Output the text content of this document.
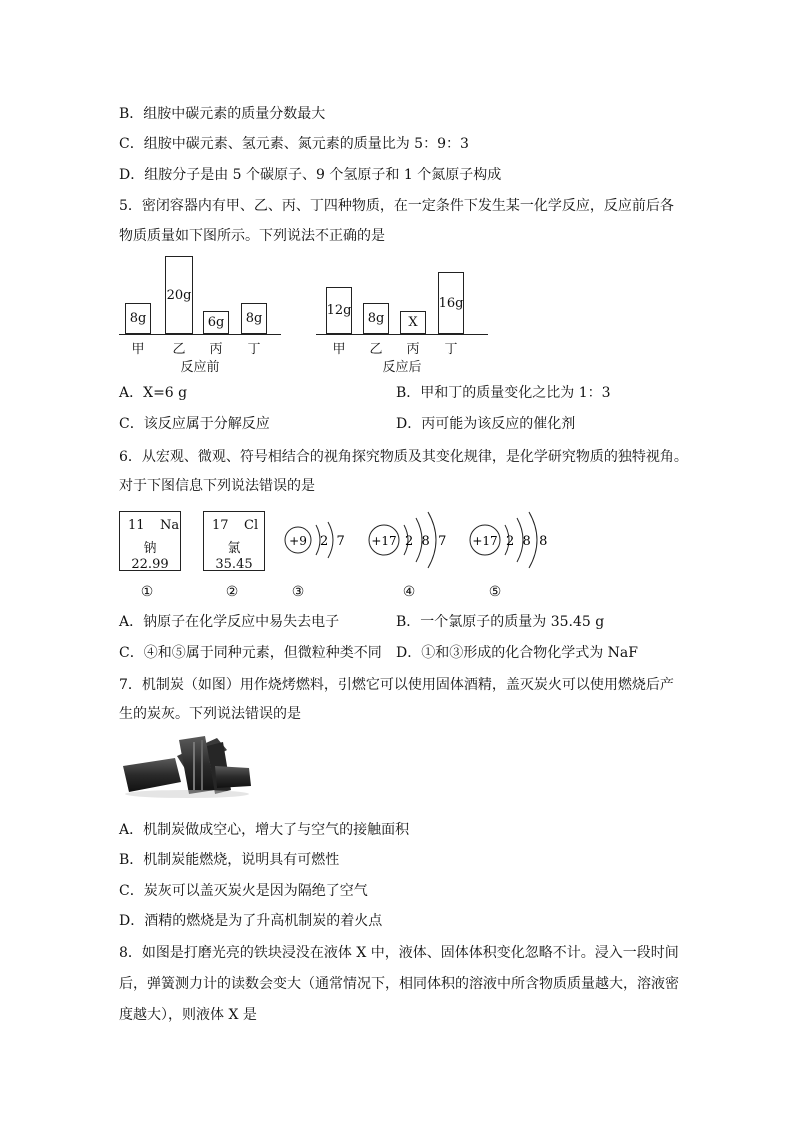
B．组胺中碳元素的质量分数最大
C．组胺中碳元素、氢元素、氮元素的质量比为 5：9：3
D．组胺分子是由 5 个碳原子、9 个氢原子和 1 个氮原子构成
5．密闭容器内有甲、乙、丙、丁四种物质，在一定条件下发生某一化学反应，反应前后各
物质质量如下图所示。下列说法不正确的是
8g
甲
20g
乙
6g
丙
8g
丁
反应前
12g
甲
8g
乙
X
丙
16g
丁
反应后
A．X=6 g	B．甲和丁的质量变化之比为 1：3
C．该反应属于分解反应	D．丙可能为该反应的催化剂
6．从宏观、微观、符号相结合的视角探究物质及其变化规律，是化学研究物质的独特视角。
对于下图信息下列说法错误的是
11 Na
钠
22.99
17 Cl
氯
35.45
+9 2  7 +17 2  8  7 +17 2  8  8
①	②	③	④	⑤
A．钠原子在化学反应中易失去电子	B．一个氯原子的质量为 35.45 g
C．④和⑤属于同种元素，但微粒种类不同 D．①和③形成的化合物化学式为 NaF
7．机制炭（如图）用作烧烤燃料，引燃它可以使用固体酒精，盖灭炭火可以使用燃烧后产
生的炭灰。下列说法错误的是
A．机制炭做成空心，增大了与空气的接触面积
B．机制炭能燃烧，说明具有可燃性
C．炭灰可以盖灭炭火是因为隔绝了空气
D．酒精的燃烧是为了升高机制炭的着火点
8．如图是打磨光亮的铁块浸没在液体 X 中，液体、固体体积变化忽略不计。浸入一段时间
后，弹簧测力计的读数会变大（通常情况下，相同体积的溶液中所含物质质量越大，溶液密
度越大），则液体 X 是
